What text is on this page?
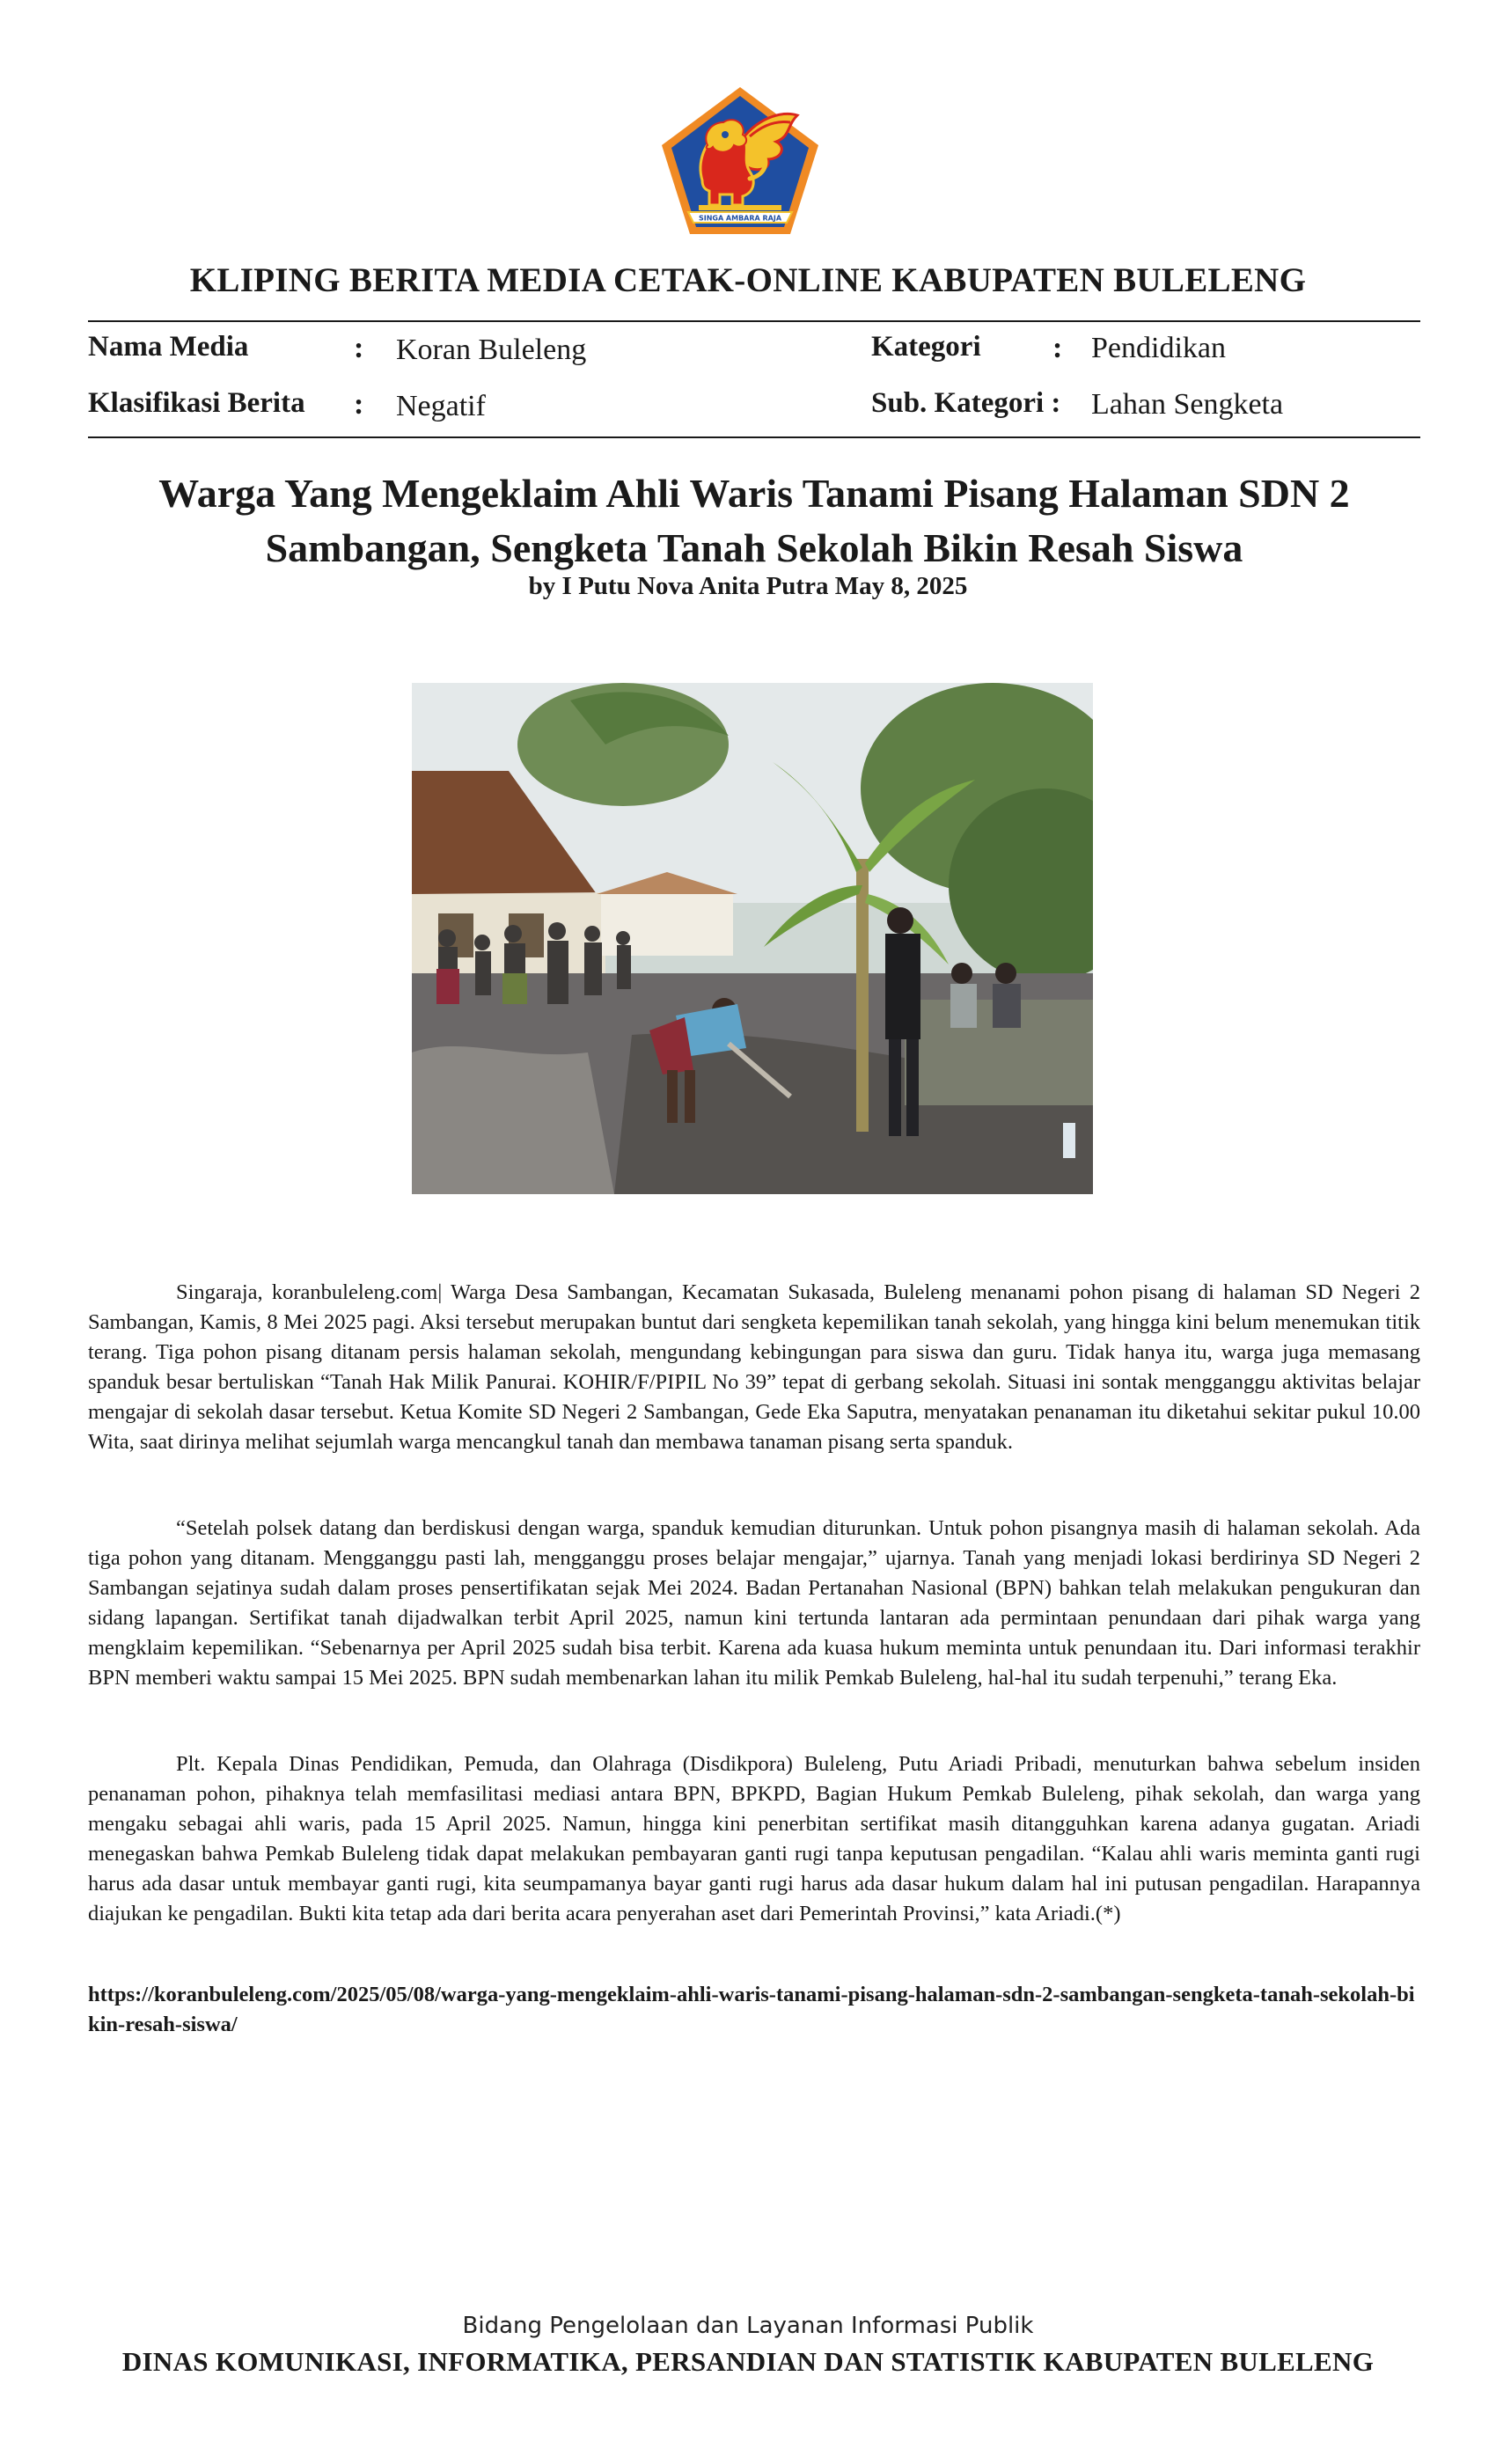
SINGA AMBARA RAJA
KLIPING BERITA MEDIA CETAK-ONLINE KABUPATEN BULELENG
Nama Media	: Koran Buleleng
Klasifikasi Berita : Negatif
Kategori : Pendidikan
Sub. Kategori : Lahan Sengketa
Warga Yang Mengeklaim Ahli Waris Tanami Pisang Halaman SDN 2 Sambangan, Sengketa Tanah Sekolah Bikin Resah Siswa
by I Putu Nova Anita Putra May 8, 2025

Singaraja, koranbuleleng.com| Warga Desa Sambangan, Kecamatan Sukasada, Buleleng menanami pohon pisang di halaman SD Negeri 2 Sambangan, Kamis, 8 Mei 2025 pagi. Aksi tersebut merupakan buntut dari sengketa kepemilikan tanah sekolah, yang hingga kini belum menemukan titik terang. Tiga pohon pisang ditanam persis halaman sekolah, mengundang kebingungan para siswa dan guru. Tidak hanya itu, warga juga memasang spanduk besar bertuliskan “Tanah Hak Milik Panurai. KOHIR/F/PIPIL No 39” tepat di gerbang sekolah. Situasi ini sontak mengganggu aktivitas belajar mengajar di sekolah dasar tersebut. Ketua Komite SD Negeri 2 Sambangan, Gede Eka Saputra, menyatakan penanaman itu diketahui sekitar pukul 10.00 Wita, saat dirinya melihat sejumlah warga mencangkul tanah dan membawa tanaman pisang serta spanduk.

“Setelah polsek datang dan berdiskusi dengan warga, spanduk kemudian diturunkan. Untuk pohon pisangnya masih di halaman sekolah. Ada tiga pohon yang ditanam. Mengganggu pasti lah, mengganggu proses belajar mengajar,” ujarnya. Tanah yang menjadi lokasi berdirinya SD Negeri 2 Sambangan sejatinya sudah dalam proses pensertifikatan sejak Mei 2024. Badan Pertanahan Nasional (BPN) bahkan telah melakukan pengukuran dan sidang lapangan. Sertifikat tanah dijadwalkan terbit April 2025, namun kini tertunda lantaran ada permintaan penundaan dari pihak warga yang mengklaim kepemilikan. “Sebenarnya per April 2025 sudah bisa terbit. Karena ada kuasa hukum meminta untuk penundaan itu. Dari informasi terakhir BPN memberi waktu sampai 15 Mei 2025. BPN sudah membenarkan lahan itu milik Pemkab Buleleng, hal-hal itu sudah terpenuhi,” terang Eka.

Plt. Kepala Dinas Pendidikan, Pemuda, dan Olahraga (Disdikpora) Buleleng, Putu Ariadi Pribadi, menuturkan bahwa sebelum insiden penanaman pohon, pihaknya telah memfasilitasi mediasi antara BPN, BPKPD, Bagian Hukum Pemkab Buleleng, pihak sekolah, dan warga yang mengaku sebagai ahli waris, pada 15 April 2025. Namun, hingga kini penerbitan sertifikat masih ditangguhkan karena adanya gugatan. Ariadi menegaskan bahwa Pemkab Buleleng tidak dapat melakukan pembayaran ganti rugi tanpa keputusan pengadilan. “Kalau ahli waris meminta ganti rugi harus ada dasar untuk membayar ganti rugi, kita seumpamanya bayar ganti rugi harus ada dasar hukum dalam hal ini putusan pengadilan. Harapannya diajukan ke pengadilan. Bukti kita tetap ada dari berita acara penyerahan aset dari Pemerintah Provinsi,” kata Ariadi.(*)

https://koranbuleleng.com/2025/05/08/warga-yang-mengeklaim-ahli-waris-tanami-pisang-halaman-sdn-2-sambangan-sengketa-tanah-sekolah-bikin-resah-siswa/
Bidang Pengelolaan dan Layanan Informasi Publik
DINAS KOMUNIKASI, INFORMATIKA, PERSANDIAN DAN STATISTIK KABUPATEN BULELENG
